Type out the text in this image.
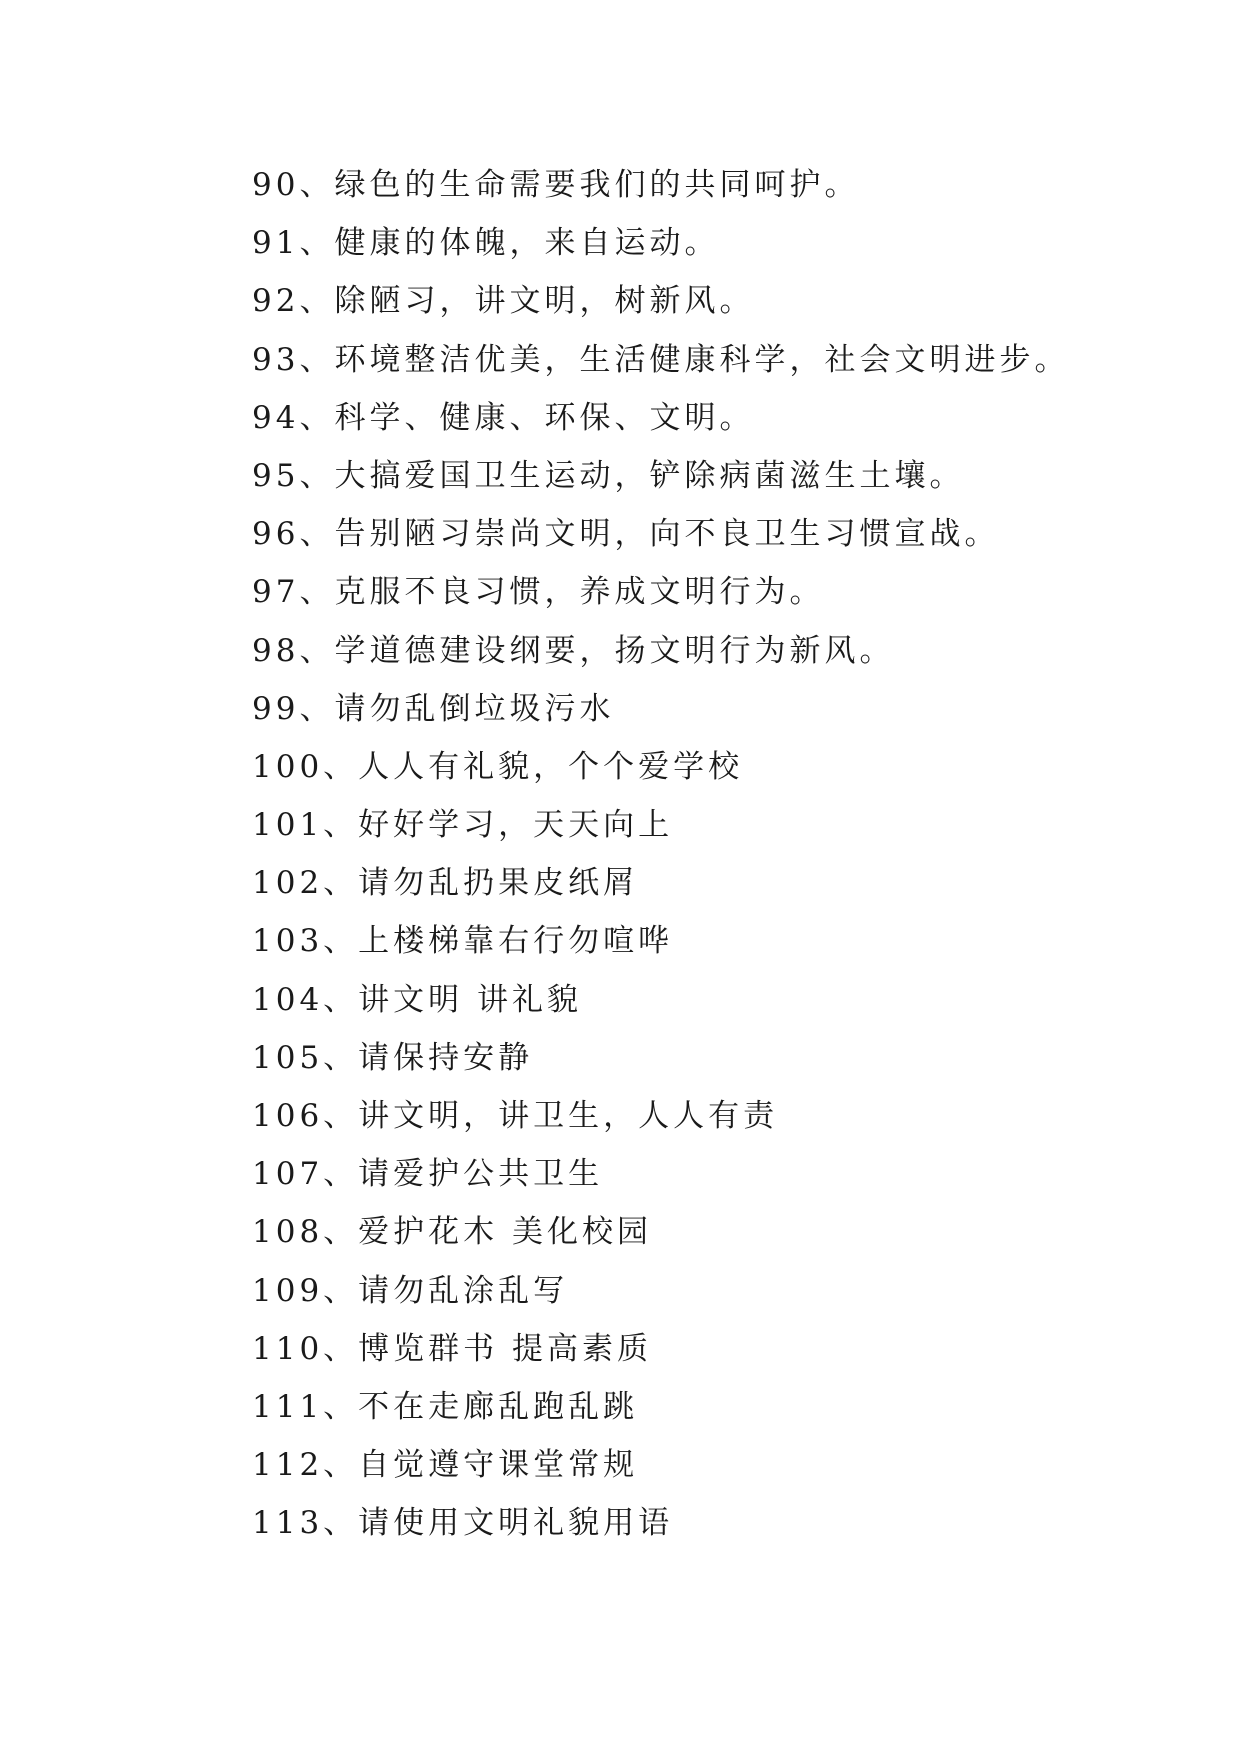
90、绿色的生命需要我们的共同呵护。
91、健康的体魄，来自运动。
92、除陋习，讲文明，树新风。
93、环境整洁优美，生活健康科学，社会文明进步。
94、科学、健康、环保、文明。
95、大搞爱国卫生运动，铲除病菌滋生土壤。
96、告别陋习崇尚文明，向不良卫生习惯宣战。
97、克服不良习惯，养成文明行为。
98、学道德建设纲要，扬文明行为新风。
99、请勿乱倒垃圾污水
100、人人有礼貌，个个爱学校
101、好好学习，天天向上
102、请勿乱扔果皮纸屑
103、上楼梯靠右行勿喧哗
104、讲文明 讲礼貌
105、请保持安静
106、讲文明，讲卫生，人人有责
107、请爱护公共卫生
108、爱护花木 美化校园
109、请勿乱涂乱写
110、博览群书 提高素质
111、不在走廊乱跑乱跳
112、自觉遵守课堂常规
113、请使用文明礼貌用语
